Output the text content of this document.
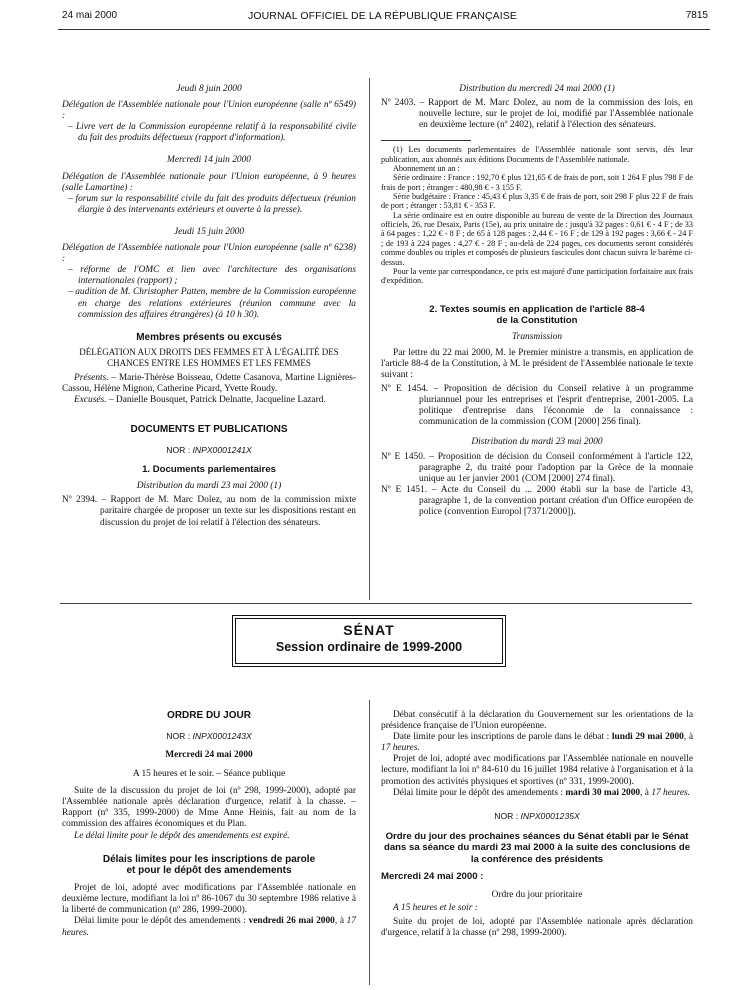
24 mai 2000	JOURNAL OFFICIEL DE LA RÉPUBLIQUE FRANÇAISE	7815

Jeudi 8 juin 2000

Délégation de l'Assemblée nationale pour l'Union européenne (salle nº 6549) :

– Livre vert de la Commission européenne relatif à la responsabilité civile du fait des produits défectueux (rapport d'information).

Mercredi 14 juin 2000

Délégation de l'Assemblée nationale pour l'Union européenne, à 9 heures (salle Lamartine) :

– forum sur la responsabilité civile du fait des produits défectueux (réunion élargie à des intervenants extérieurs et ouverte à la presse).

Jeudi 15 juin 2000

Délégation de l'Assemblée nationale pour l'Union européenne (salle nº 6238) :

– réforme de l'OMC et lien avec l'architecture des organisations internationales (rapport) ;

– audition de M. Christopher Patten, membre de la Commission européenne en charge des relations extérieures (réunion commune avec la commission des affaires étrangères) (à 10 h 30).

Membres présents ou excusés

DÉLÉGATION AUX DROITS DES FEMMES ET À L'ÉGALITÉ DES CHANCES ENTRE LES HOMMES ET LES FEMMES

Présents. – Marie-Thérèse Boisseau, Odette Casanova, Martine Lignières-Cassou, Hélène Mignon, Catherine Picard, Yvette Roudy.

Excusés. – Danielle Bousquet, Patrick Delnatte, Jacqueline Lazard.

DOCUMENTS ET PUBLICATIONS

NOR : INPX0001241X

1. Documents parlementaires

Distribution du mardi 23 mai 2000 (1)

Nº 2394. – Rapport de M. Marc Dolez, au nom de la commission mixte paritaire chargée de proposer un texte sur les dispositions restant en discussion du projet de loi relatif à l'élection des sénateurs.

Distribution du mercredi 24 mai 2000 (1)

Nº 2403. – Rapport de M. Marc Dolez, au nom de la commission des lois, en nouvelle lecture, sur le projet de loi, modifié par l'Assemblée nationale en deuxième lecture (nº 2402), relatif à l'élection des sénateurs.

(1) Les documents parlementaires de l'Assemblée nationale sont servis, dès leur publication, aux abonnés aux éditions Documents de l'Assemblée nationale.

Abonnement un an :

Série ordinaire : France : 192,70 € plus 121,65 € de frais de port, soit 1 264 F plus 798 F de frais de port ; étranger : 480,98 € - 3 155 F.

Série budgétaire : France : 45,43 € plus 3,35 € de frais de port, soit 298 F plus 22 F de frais de port ; étranger : 53,81 € - 353 F.

La série ordinaire est en outre disponible au bureau de vente de la Direction des Journaux officiels, 26, rue Desaix, Paris (15e), au prix unitaire de : jusqu'à 32 pages : 0,61 € - 4 F ; de 33 à 64 pages : 1,22 € - 8 F ; de 65 à 128 pages : 2,44 € - 16 F ; de 129 à 192 pages : 3,66 € - 24 F ; de 193 à 224 pages : 4,27 € - 28 F ; au-delà de 224 pages, ces documents seront considérés comme doubles ou triples et composés de plusieurs fascicules dont chacun suivra le barème ci-dessus.

Pour la vente par correspondance, ce prix est majoré d'une participation forfaitaire aux frais d'expédition.

2. Textes soumis en application de l'article 88-4

de la Constitution

Transmission

Par lettre du 22 mai 2000, M. le Premier ministre a transmis, en application de l'article 88-4 de la Constitution, à M. le président de l'Assemblée nationale le texte suivant :

Nº E 1454. – Proposition de décision du Conseil relative à un programme pluriannuel pour les entreprises et l'esprit d'entreprise, 2001-2005. La politique d'entreprise dans l'économie de la connaissance : communication de la commission (COM [2000] 256 final).

Distribution du mardi 23 mai 2000

Nº E 1450. – Proposition de décision du Conseil conformément à l'article 122, paragraphe 2, du traité pour l'adoption par la Grèce de la monnaie unique au 1er janvier 2001 (COM [2000] 274 final).

Nº E 1451. – Acte du Conseil du ... 2000 établi sur la base de l'article 43, paragraphe 1, de la convention portant création d'un Office européen de police (convention Europol [7371/2000]).

SÉNAT
Session ordinaire de 1999-2000

ORDRE DU JOUR

NOR : INPX0001243X

Mercredi 24 mai 2000

A 15 heures et le soir. – Séance publique

Suite de la discussion du projet de loi (nº 298, 1999-2000), adopté par l'Assemblée nationale après déclaration d'urgence, relatif à la chasse. – Rapport (nº 335, 1999-2000) de Mme Anne Heinis, fait au nom de la commission des affaires économiques et du Plan.

Le délai limite pour le dépôt des amendements est expiré.

Délais limites pour les inscriptions de parole

et pour le dépôt des amendements

Projet de loi, adopté avec modifications par l'Assemblée nationale en deuxième lecture, modifiant la loi nº 86-1067 du 30 septembre 1986 relative à la liberté de communication (nº 286, 1999-2000).

Délai limite pour le dépôt des amendements : vendredi 26 mai 2000, à 17 heures.

Débat consécutif à la déclaration du Gouvernement sur les orientations de la présidence française de l'Union européenne.

Date limite pour les inscriptions de parole dans le débat : lundi 29 mai 2000, à 17 heures.

Projet de loi, adopté avec modifications par l'Assemblée nationale en nouvelle lecture, modifiant la loi nº 84-610 du 16 juillet 1984 relative à l'organisation et à la promotion des activités physiques et sportives (nº 331, 1999-2000).

Délai limite pour le dépôt des amendements : mardi 30 mai 2000, à 17 heures.

NOR : INPX0001235X

Ordre du jour des prochaines séances du Sénat établi par le Sénat dans sa séance du mardi 23 mai 2000 à la suite des conclusions de la conférence des présidents

Mercredi 24 mai 2000 :

Ordre du jour prioritaire

A 15 heures et le soir :

Suite du projet de loi, adopté par l'Assemblée nationale après déclaration d'urgence, relatif à la chasse (nº 298, 1999-2000).
